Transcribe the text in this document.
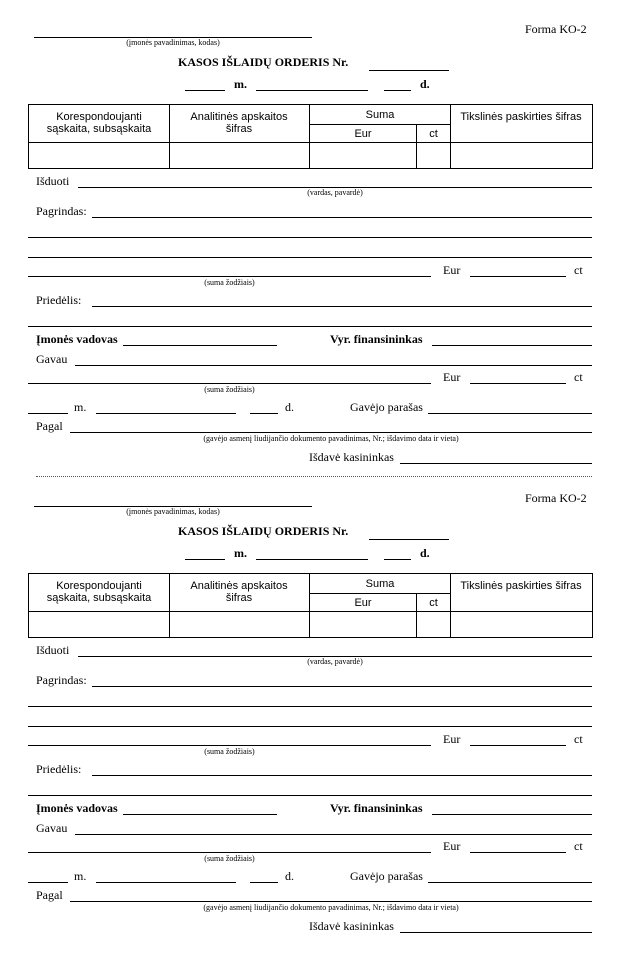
Forma KO-2
(įmonės pavadinimas, kodas)
KASOS IŠLAIDŲ ORDERIS Nr.
m.	d.
Korespondoujanti sąskaita, subsąskaita
Analitinės apskaitos šifras
Suma
Eur	ct
Tikslinės paskirties šifras
Išduoti
(vardas, pavardė)
Pagrindas:
Eur	ct
(suma žodžiais)
Priedėlis:
Įmonės vadovas	Vyr. finansininkas
Gavau
Eur	ct
(suma žodžiais)
m.	d.	Gavėjo parašas
Pagal
(gavėjo asmenį liudijančio dokumento pavadinimas, Nr.; išdavimo data ir vieta)
Išdavė kasininkas
Forma KO-2
(įmonės pavadinimas, kodas)
KASOS IŠLAIDŲ ORDERIS Nr.
m.	d.
Korespondoujanti sąskaita, subsąskaita
Analitinės apskaitos šifras
Suma
Eur	ct
Tikslinės paskirties šifras
Išduoti
(vardas, pavardė)
Pagrindas:
Eur	ct
(suma žodžiais)
Priedėlis:
Įmonės vadovas	Vyr. finansininkas
Gavau
Eur	ct
(suma žodžiais)
m.	d.	Gavėjo parašas
Pagal
(gavėjo asmenį liudijančio dokumento pavadinimas, Nr.; išdavimo data ir vieta)
Išdavė kasininkas
